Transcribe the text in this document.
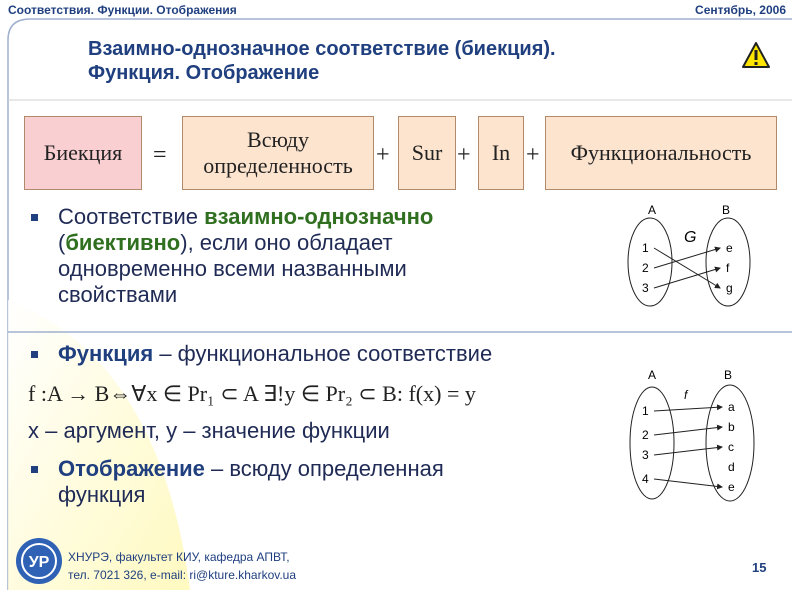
Соответствия. Функции. Отображения	Сентябрь, 2006
Взаимно-однозначное соответствие (биекция).
Функция. Отображение
Биекция	=
Всюду
определенность +	Sur + In +	Функциональность
Соответствие взаимно-однозначно
(биективно), если оно обладает
одновременно всеми названными
свойствами
Функция – функциональное соответствие
f :A → B⇔∀x ∈ Pr₁ ⊂ A ∃!y ∈ Pr₂ ⊂ B: f(x) = y
x – аргумент, y – значение функции
Отображение – всюду определенная
функция
A	B
G
1
2
3
e
f
g
A	B
f
1
2
3
4
a
b
c
d
e
УР ХНУРЭ, факультет КИУ, кафедра АПВТ,
тел. 7021 326, e-mail: ri@kture.kharkov.ua	15
